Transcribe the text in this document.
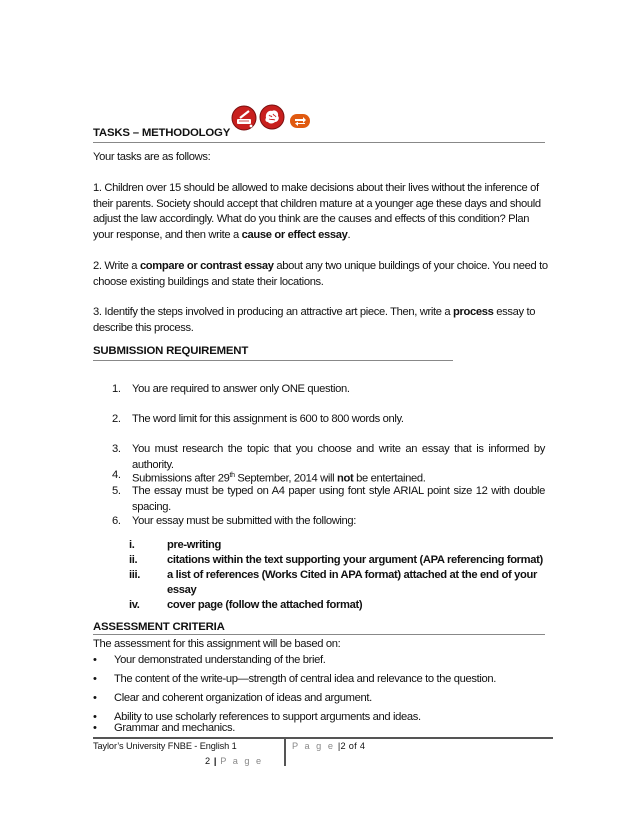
TASKS – METHODOLOGY

Your tasks are as follows:

1. Children over 15 should be allowed to make decisions about their lives without the inference of their parents. Society should accept that children mature at a younger age these days and should adjust the law accordingly. What do you think are the causes and effects of this condition? Plan your response, and then write a cause or effect essay.

2. Write a compare or contrast essay about any two unique buildings of your choice. You need to choose existing buildings and state their locations.

3. Identify the steps involved in producing an attractive art piece. Then, write a process essay to describe this process.

SUBMISSION REQUIREMENT
1. You are required to answer only ONE question.
2. The word limit for this assignment is 600 to 800 words only.
3. You must research the topic that you choose and write an essay that is informed by authority.
4. Submissions after 29th September, 2014 will not be entertained.
5. The essay must be typed on A4 paper using font style ARIAL point size 12 with double spacing.
6. Your essay must be submitted with the following:
i.	pre-writing
ii.	citations within the text supporting your argument (APA referencing format)
iii. a list of references (Works Cited in APA format) attached at the end of your essay
iv. cover page (follow the attached format)
ASSESSMENT CRITERIA
The assessment for this assignment will be based on:
• Your demonstrated understanding of the brief.
• The content of the write-up—strength of central idea and relevance to the question.
• Clear and coherent organization of ideas and argument.
• Ability to use scholarly references to support arguments and ideas.
• Grammar and mechanics.
Taylor’s University FNBE - English 1	P a g e |2 of 4
2 | P a g e
